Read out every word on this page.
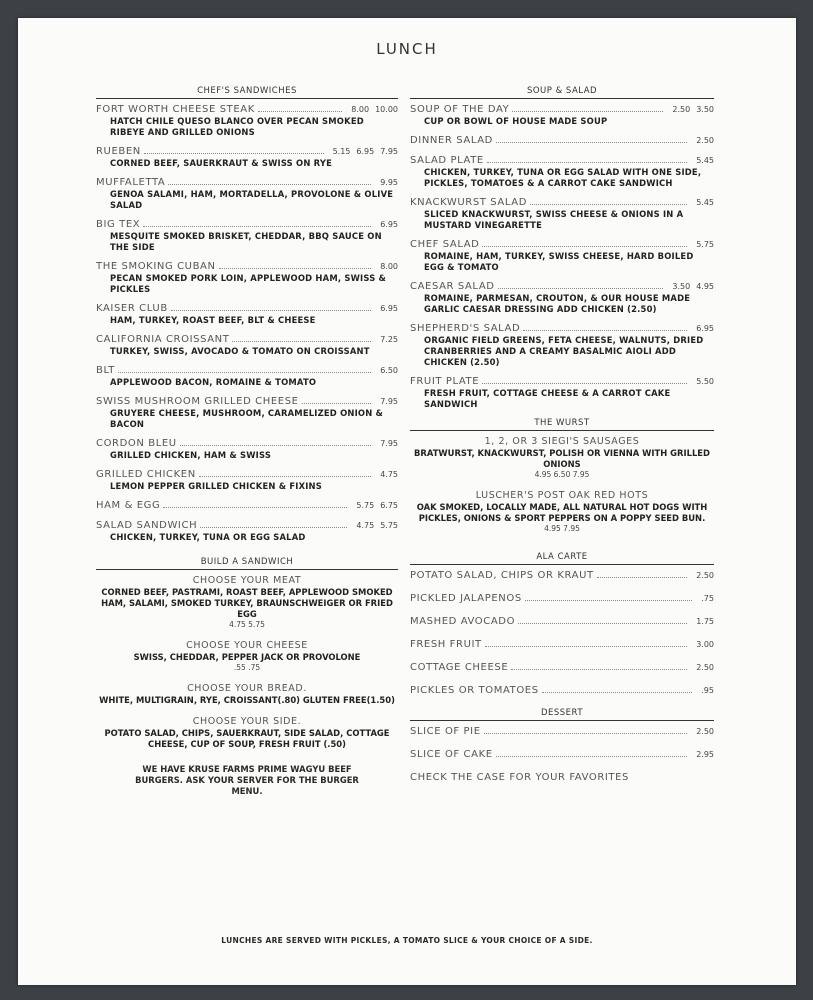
LUNCH
CHEF'S SANDWICHES
FORT WORTH CHEESE STEAK	8.00 10.00
HATCH CHILE QUESO BLANCO OVER PECAN SMOKED RIBEYE AND GRILLED ONIONS
RUEBEN	5.15 6.95 7.95
CORNED BEEF, SAUERKRAUT & SWISS ON RYE
MUFFALETTA	9.95
GENOA SALAMI, HAM, MORTADELLA, PROVOLONE & OLIVE SALAD
BIG TEX	6.95
MESQUITE SMOKED BRISKET, CHEDDAR, BBQ SAUCE ON THE SIDE
THE SMOKING CUBAN	8.00
PECAN SMOKED PORK LOIN, APPLEWOOD HAM, SWISS & PICKLES
KAISER CLUB	6.95
HAM, TURKEY, ROAST BEEF, BLT & CHEESE
CALIFORNIA CROISSANT	7.25
TURKEY, SWISS, AVOCADO & TOMATO ON CROISSANT
BLT	6.50
APPLEWOOD BACON, ROMAINE & TOMATO
SWISS MUSHROOM GRILLED CHEESE	7.95
GRUYERE CHEESE, MUSHROOM, CARAMELIZED ONION & BACON
CORDON BLEU	7.95
GRILLED CHICKEN, HAM & SWISS
GRILLED CHICKEN	4.75
LEMON PEPPER GRILLED CHICKEN & FIXINS
HAM & EGG	5.75 6.75
SALAD SANDWICH	4.75 5.75
CHICKEN, TURKEY, TUNA OR EGG SALAD
BUILD A SANDWICH
CHOOSE YOUR MEAT
CORNED BEEF, PASTRAMI, ROAST BEEF, APPLEWOOD SMOKED HAM, SALAMI, SMOKED TURKEY, BRAUNSCHWEIGER OR FRIED EGG
4.75 5.75
CHOOSE YOUR CHEESE
SWISS, CHEDDAR, PEPPER JACK OR PROVOLONE
.55 .75
CHOOSE YOUR BREAD.
WHITE, MULTIGRAIN, RYE, CROISSANT(.80) GLUTEN FREE(1.50)
CHOOSE YOUR SIDE.
POTATO SALAD, CHIPS, SAUERKRAUT, SIDE SALAD, COTTAGE CHEESE, CUP OF SOUP, FRESH FRUIT (.50)
WE HAVE KRUSE FARMS PRIME WAGYU BEEF BURGERS. ASK YOUR SERVER FOR THE BURGER MENU.
SOUP & SALAD
SOUP OF THE DAY	2.50 3.50
CUP OR BOWL OF HOUSE MADE SOUP
DINNER SALAD	2.50
SALAD PLATE	5.45
CHICKEN, TURKEY, TUNA OR EGG SALAD WITH ONE SIDE, PICKLES, TOMATOES & A CARROT CAKE SANDWICH
KNACKWURST SALAD	5.45
SLICED KNACKWURST, SWISS CHEESE & ONIONS IN A MUSTARD VINEGARETTE
CHEF SALAD	5.75
ROMAINE, HAM, TURKEY, SWISS CHEESE, HARD BOILED EGG & TOMATO
CAESAR SALAD	3.50 4.95
ROMAINE, PARMESAN, CROUTON, & OUR HOUSE MADE GARLIC CAESAR DRESSING ADD CHICKEN (2.50)
SHEPHERD'S SALAD	6.95
ORGANIC FIELD GREENS, FETA CHEESE, WALNUTS, DRIED CRANBERRIES AND A CREAMY BASALMIC AIOLI ADD CHICKEN (2.50)
FRUIT PLATE	5.50
FRESH FRUIT, COTTAGE CHEESE & A CARROT CAKE SANDWICH
THE WURST
1, 2, OR 3 SIEGI'S SAUSAGES
BRATWURST, KNACKWURST, POLISH OR VIENNA WITH GRILLED ONIONS
4.95 6.50 7.95
LUSCHER'S POST OAK RED HOTS
OAK SMOKED, LOCALLY MADE, ALL NATURAL HOT DOGS WITH PICKLES, ONIONS & SPORT PEPPERS ON A POPPY SEED BUN.
4.95 7.95
ALA CARTE
POTATO SALAD, CHIPS OR KRAUT	2.50
PICKLED JALAPENOS	.75
MASHED AVOCADO	1.75
FRESH FRUIT	3.00
COTTAGE CHEESE	2.50
PICKLES OR TOMATOES	.95
DESSERT
SLICE OF PIE	2.50
SLICE OF CAKE	2.95
CHECK THE CASE FOR YOUR FAVORITES
LUNCHES ARE SERVED WITH PICKLES, A TOMATO SLICE & YOUR CHOICE OF A SIDE.
